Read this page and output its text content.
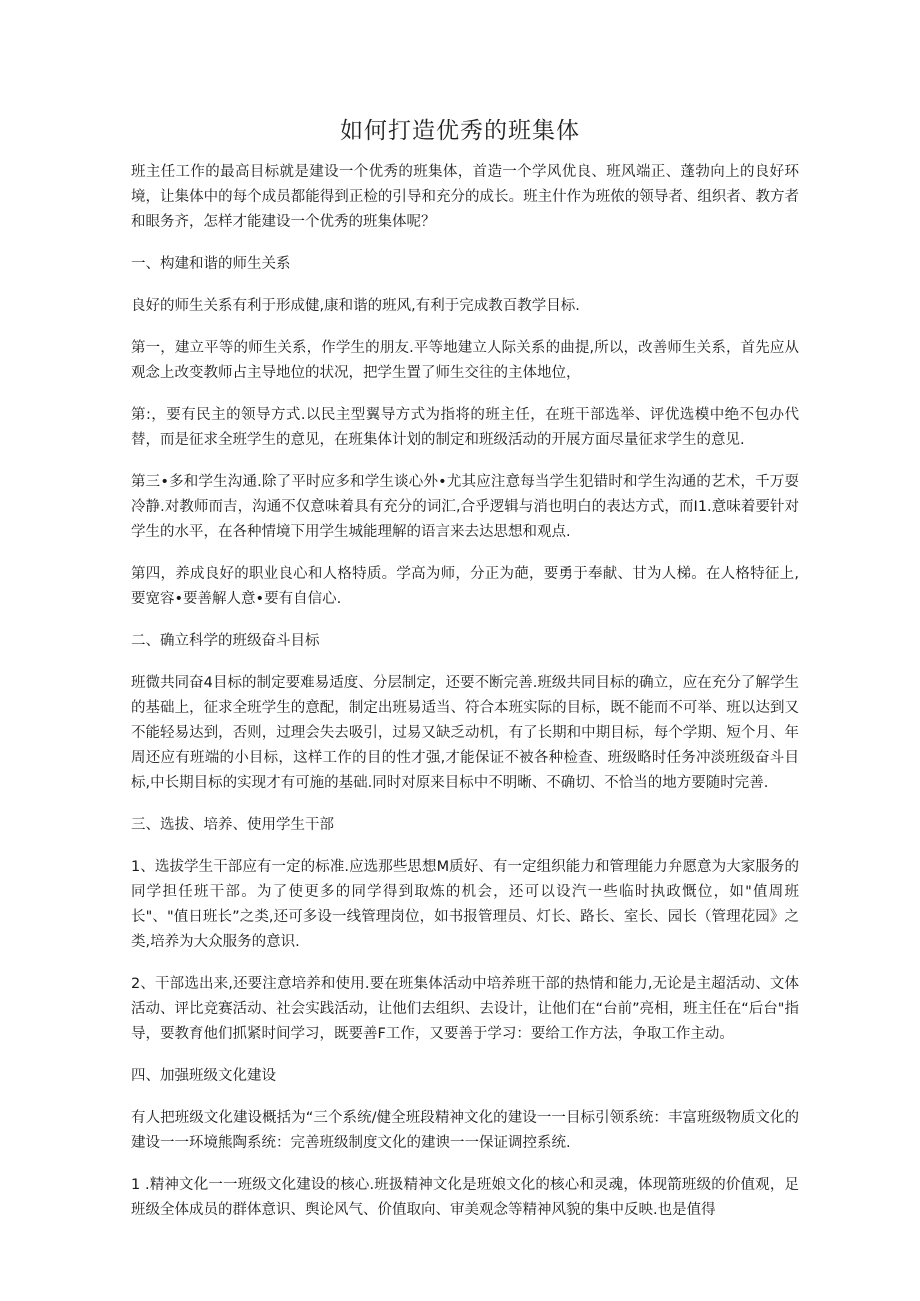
如何打造优秀的班集体

班主任工作的最高目标就是建设一个优秀的班集体，首造一个学风优良、班风端正、蓬勃向上的良好环境，让集体中的每个成员都能得到正检的引导和充分的成长。班主什作为班侬的领导者、组织者、教方者和眼务齐，怎样才能建设一个优秀的班集体呢？

一、构建和谐的师生关系

良好的师生关系有利于形成健,康和谐的班风,有利于完成教百教学目标.

第一，建立平等的师生关系，作学生的朋友.平等地建立人际关系的曲提,所以，改善师生关系，首先应从观念上改变教师占主导地位的状况，把学生置了师生交往的主体地位，

第:，要有民主的领导方式.以民主型翼导方式为指将的班主任，在班干部选举、评优选模中绝不包办代替，而是征求全班学生的意见，在班集体计划的制定和班级活动的开展方面尽量征求学生的意见.

第三•多和学生沟通.除了平时应多和学生谈心外•尤其应注意每当学生犯错时和学生沟通的艺术，千万耍冷静.对教师而吉，沟通不仅意味着具有充分的词汇,合乎逻辑与消也明白的表达方式，而I1.意味着要针对学生的水平，在各种情境下用学生城能理解的语言来去达思想和观点.

第四，养成良好的职业良心和人格特质。学高为师，分正为葩，要勇于奉献、甘为人梯。在人格特征上,要宽容•要善解人意•要有自信心.

二、确立科学的班级奋斗目标

班微共同奋4目标的制定要难易适度、分层制定，还要不断完善.班级共同目标的确立，应在充分了解学生的基础上，征求全班学生的意配，制定出班易适当、符合本班实际的目标，既不能而不可举、班以达到又不能轻易达到，否则，过理会失去吸引，过易又缺乏动机，有了长期和中期目标，每个学期、短个月、年周还应有班端的小目标，这样工作的目的性才强,才能保证不被各种检查、班级略时任务冲淡班级奋斗目标,中长期目标的实现才有可施的基础.同时对原来目标中不明晰、不确切、不恰当的地方要随时完善.

三、选拔、培养、使用学生干部

1、选拔学生干部应有一定的标准.应选那些思想M质好、有一定组织能力和管理能力弁愿意为大家服务的同学担任班干部。为了使更多的同学得到取炼的机会，还可以设汽一些临时执政慨位，如"值周班长"、"值日班长”之类,还可多设一线管理岗位，如书报管理员、灯长、路长、室长、园长（管理花园》之类,培养为大众服务的意识.

2、干部选出来,还要注意培养和使用.要在班集体活动中培养班干部的热情和能力,无论是主超活动、文体活动、评比竞赛活动、社会实践活动，让他们去组织、去设计，让他们在“台前”亮相，班主任在“后台"指导，要教育他们抓紧时间学习，既要善F工作，又要善于学习：要给工作方法，争取工作主动。

四、加强班级文化建设

有人把班级文化建设概括为“三个系统/健全班段精神文化的建设一一目标引领系统：丰富班级物质文化的建设一一环境熊陶系统：完善班级制度文化的建谀一一保证调控系统.

1 .精神文化一一班级文化建设的核心.班扱精神文化是班娘文化的核心和灵魂，体现箭班级的价值观，足班级全体成员的群体意识、舆论风气、价值取向、审美观念等精神风貌的集中反映.也是值得
